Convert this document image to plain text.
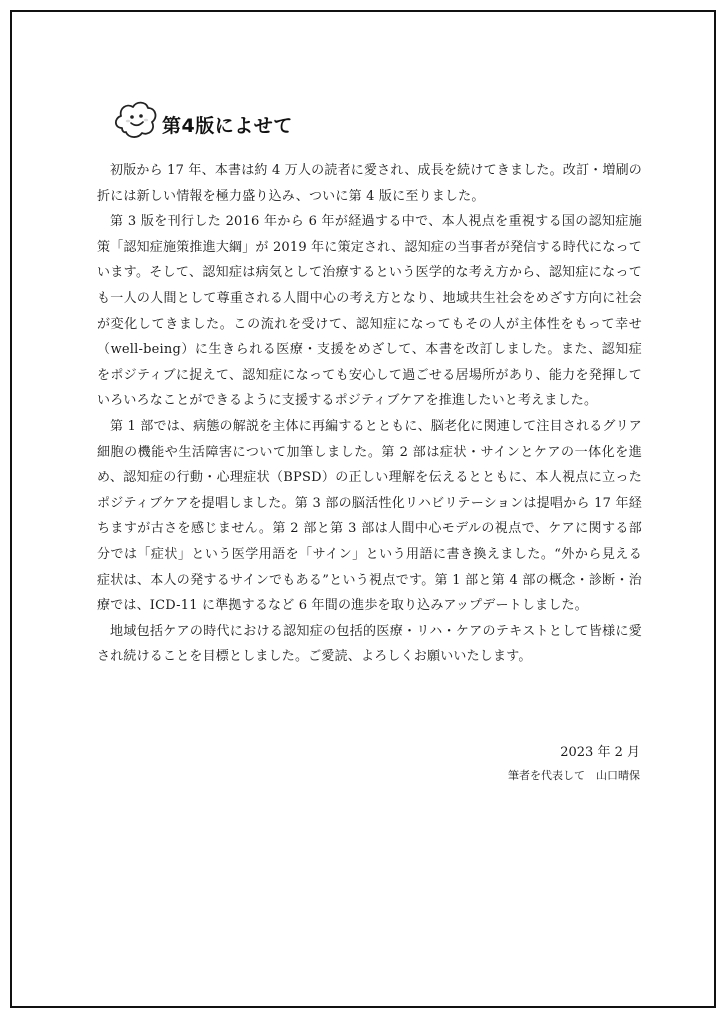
第4版によせて

初版から 17 年、本書は約 4 万人の読者に愛され、成長を続けてきました。改訂・増刷の折には新しい情報を極力盛り込み、ついに第 4 版に至りました。

第 3 版を刊行した 2016 年から 6 年が経過する中で、本人視点を重視する国の認知症施策「認知症施策推進大綱」が 2019 年に策定され、認知症の当事者が発信する時代になっています。そして、認知症は病気として治療するという医学的な考え方から、認知症になっても一人の人間として尊重される人間中心の考え方となり、地域共生社会をめざす方向に社会が変化してきました。この流れを受けて、認知症になってもその人が主体性をもって幸せ（well-being）に生きられる医療・支援をめざして、本書を改訂しました。また、認知症をポジティブに捉えて、認知症になっても安心して過ごせる居場所があり、能力を発揮していろいろなことができるように支援するポジティブケアを推進したいと考えました。

第 1 部では、病態の解説を主体に再編するとともに、脳老化に関連して注目されるグリア細胞の機能や生活障害について加筆しました。第 2 部は症状・サインとケアの一体化を進め、認知症の行動・心理症状（BPSD）の正しい理解を伝えるとともに、本人視点に立ったポジティブケアを提唱しました。第 3 部の脳活性化リハビリテーションは提唱から 17 年経ちますが古さを感じません。第 2 部と第 3 部は人間中心モデルの視点で、ケアに関する部分では「症状」という医学用語を「サイン」という用語に書き換えました。“外から見える症状は、本人の発するサインでもある”という視点です。第 1 部と第 4 部の概念・診断・治療では、ICD-11 に準拠するなど 6 年間の進歩を取り込みアップデートしました。

地域包括ケアの時代における認知症の包括的医療・リハ・ケアのテキストとして皆様に愛され続けることを目標としました。ご愛読、よろしくお願いいたします。

2023 年 2 月
筆者を代表して　山口晴保
